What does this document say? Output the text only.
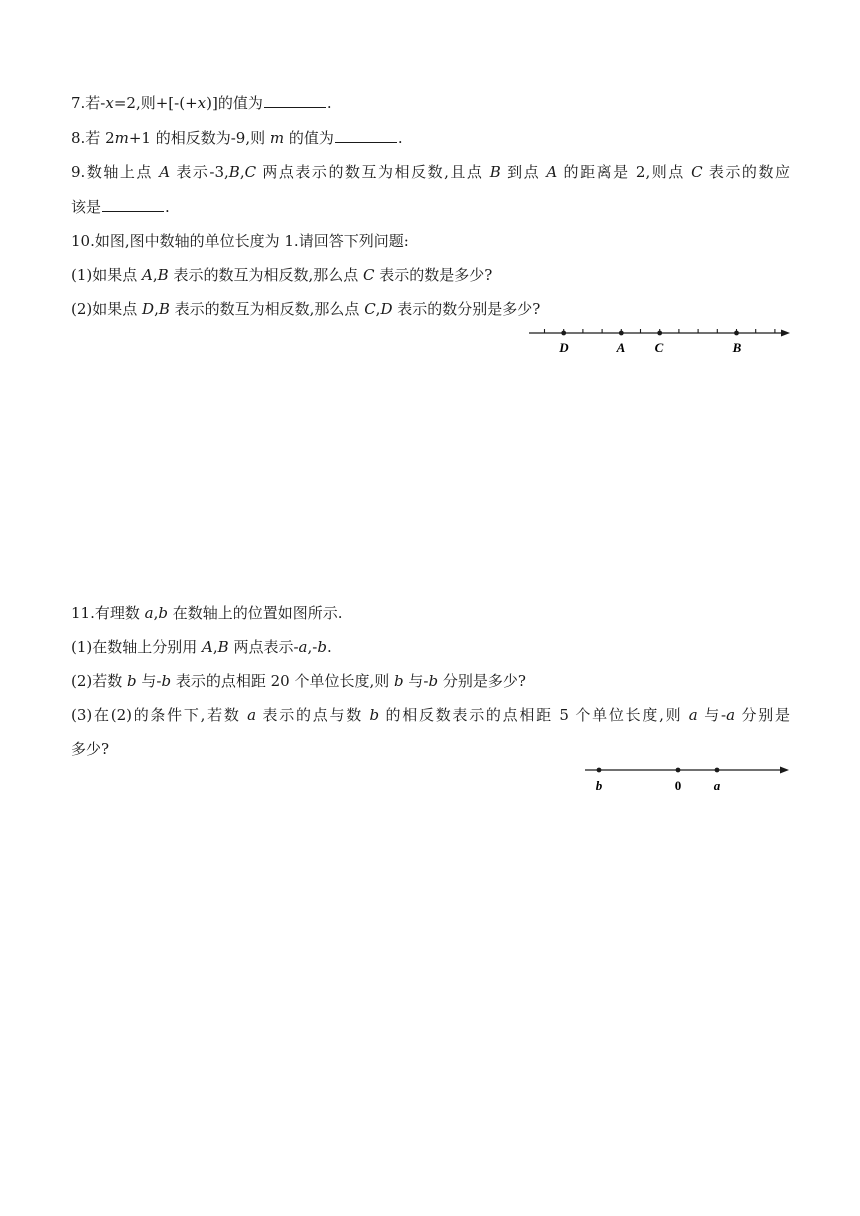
7.若-x=2,则+[-(+x)]的值为	.
8.若 2m+1 的相反数为-9,则 m 的值为	.
9.数轴上点 A 表示-3,B,C 两点表示的数互为相反数,且点 B 到点 A 的距离是 2,则点 C 表示的数应
该是	.
10.如图,图中数轴的单位长度为 1.请回答下列问题:
(1)如果点 A,B 表示的数互为相反数,那么点 C 表示的数是多少?
(2)如果点 D,B 表示的数互为相反数,那么点 C,D 表示的数分别是多少?
D	A C	B
11.有理数 a,b 在数轴上的位置如图所示.
(1)在数轴上分别用 A,B 两点表示-a,-b.
(2)若数 b 与-b 表示的点相距 20 个单位长度,则 b 与-b 分别是多少?
(3)在(2)的条件下,若数 a 表示的点与数 b 的相反数表示的点相距 5 个单位长度,则 a 与-a 分别是
多少?
b	0	a
